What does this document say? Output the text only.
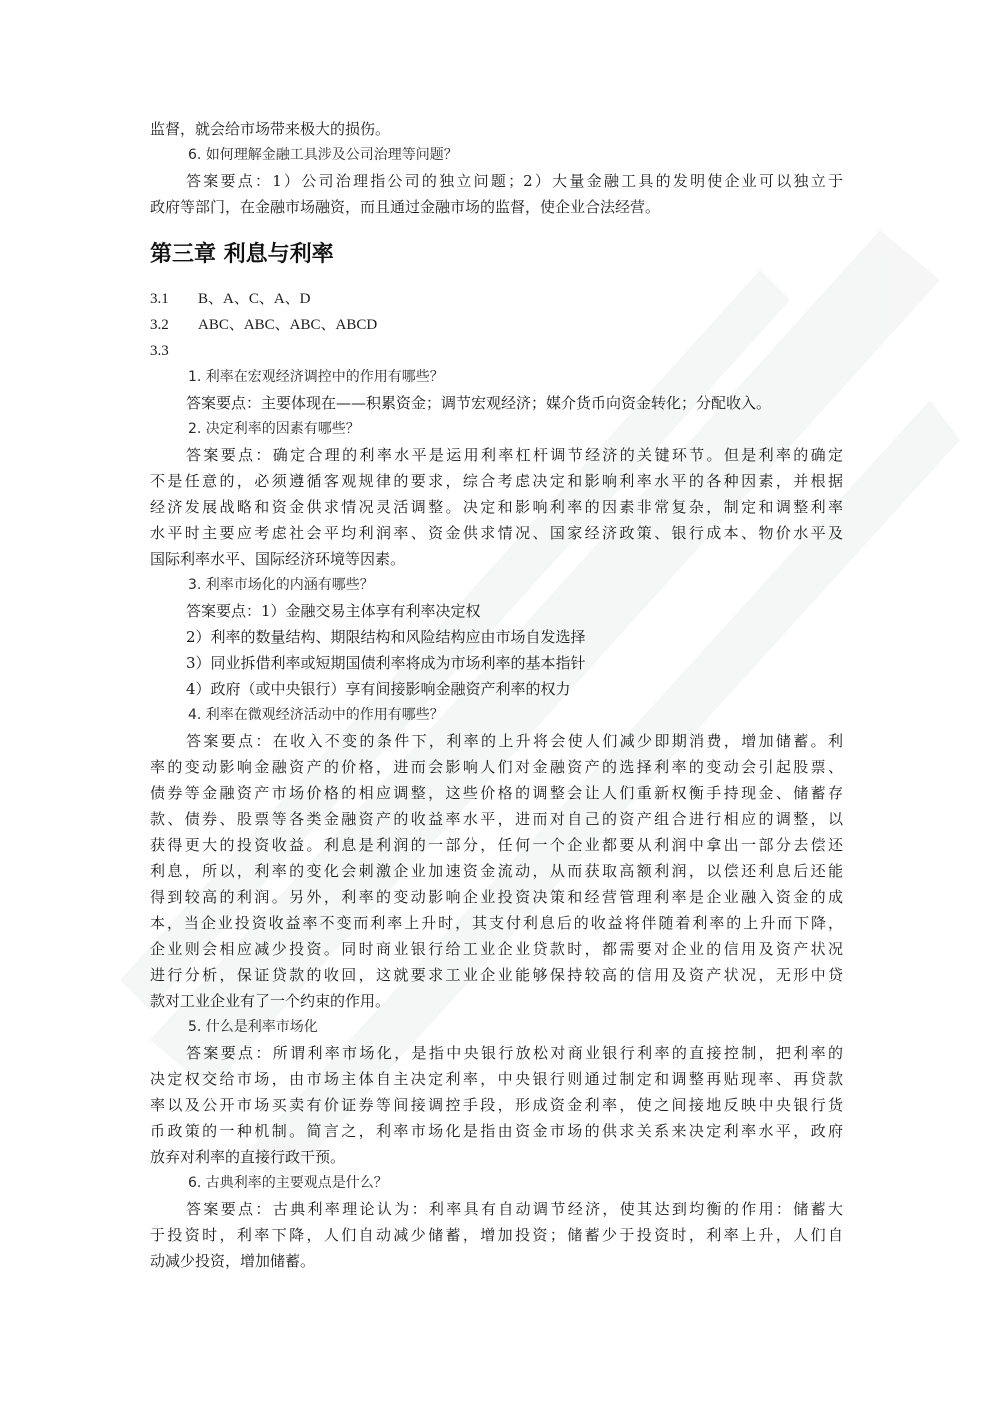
监督，就会给市场带来极大的损伤。

6. 如何理解金融工具涉及公司治理等问题？

答案要点：1）公司治理指公司的独立问题；2）大量金融工具的发明使企业可以独立于

政府等部门，在金融市场融资，而且通过金融市场的监督，使企业合法经营。

第三章 利息与利率

3.1 B、A、C、A、D

3.2 ABC、ABC、ABC、ABCD

3.3

1. 利率在宏观经济调控中的作用有哪些？

答案要点：主要体现在——积累资金；调节宏观经济；媒介货币向资金转化；分配收入。

2. 决定利率的因素有哪些？

答案要点：确定合理的利率水平是运用利率杠杆调节经济的关键环节。但是利率的确定

不是任意的，必须遵循客观规律的要求，综合考虑决定和影响利率水平的各种因素，并根据

经济发展战略和资金供求情况灵活调整。决定和影响利率的因素非常复杂，制定和调整利率

水平时主要应考虑社会平均利润率、资金供求情况、国家经济政策、银行成本、物价水平及

国际利率水平、国际经济环境等因素。

3. 利率市场化的内涵有哪些？

答案要点：1）金融交易主体享有利率决定权

2）利率的数量结构、期限结构和风险结构应由市场自发选择

3）同业拆借利率或短期国债利率将成为市场利率的基本指针

4）政府（或中央银行）享有间接影响金融资产利率的权力

4. 利率在微观经济活动中的作用有哪些？

答案要点：在收入不变的条件下，利率的上升将会使人们减少即期消费，增加储蓄。利

率的变动影响金融资产的价格，进而会影响人们对金融资产的选择利率的变动会引起股票、

债券等金融资产市场价格的相应调整，这些价格的调整会让人们重新权衡手持现金、储蓄存

款、债券、股票等各类金融资产的收益率水平，进而对自己的资产组合进行相应的调整，以

获得更大的投资收益。利息是利润的一部分，任何一个企业都要从利润中拿出一部分去偿还

利息，所以，利率的变化会刺激企业加速资金流动，从而获取高额利润，以偿还利息后还能

得到较高的利润。另外，利率的变动影响企业投资决策和经营管理利率是企业融入资金的成

本，当企业投资收益率不变而利率上升时，其支付利息后的收益将伴随着利率的上升而下降，

企业则会相应减少投资。同时商业银行给工业企业贷款时，都需要对企业的信用及资产状况

进行分析，保证贷款的收回，这就要求工业企业能够保持较高的信用及资产状况，无形中贷

款对工业企业有了一个约束的作用。

5. 什么是利率市场化

答案要点：所谓利率市场化，是指中央银行放松对商业银行利率的直接控制，把利率的

决定权交给市场，由市场主体自主决定利率，中央银行则通过制定和调整再贴现率、再贷款

率以及公开市场买卖有价证券等间接调控手段，形成资金利率，使之间接地反映中央银行货

币政策的一种机制。简言之，利率市场化是指由资金市场的供求关系来决定利率水平，政府

放弃对利率的直接行政干预。

6. 古典利率的主要观点是什么？

答案要点：古典利率理论认为：利率具有自动调节经济，使其达到均衡的作用：储蓄大

于投资时，利率下降，人们自动减少储蓄，增加投资；储蓄少于投资时，利率上升，人们自

动减少投资，增加储蓄。
